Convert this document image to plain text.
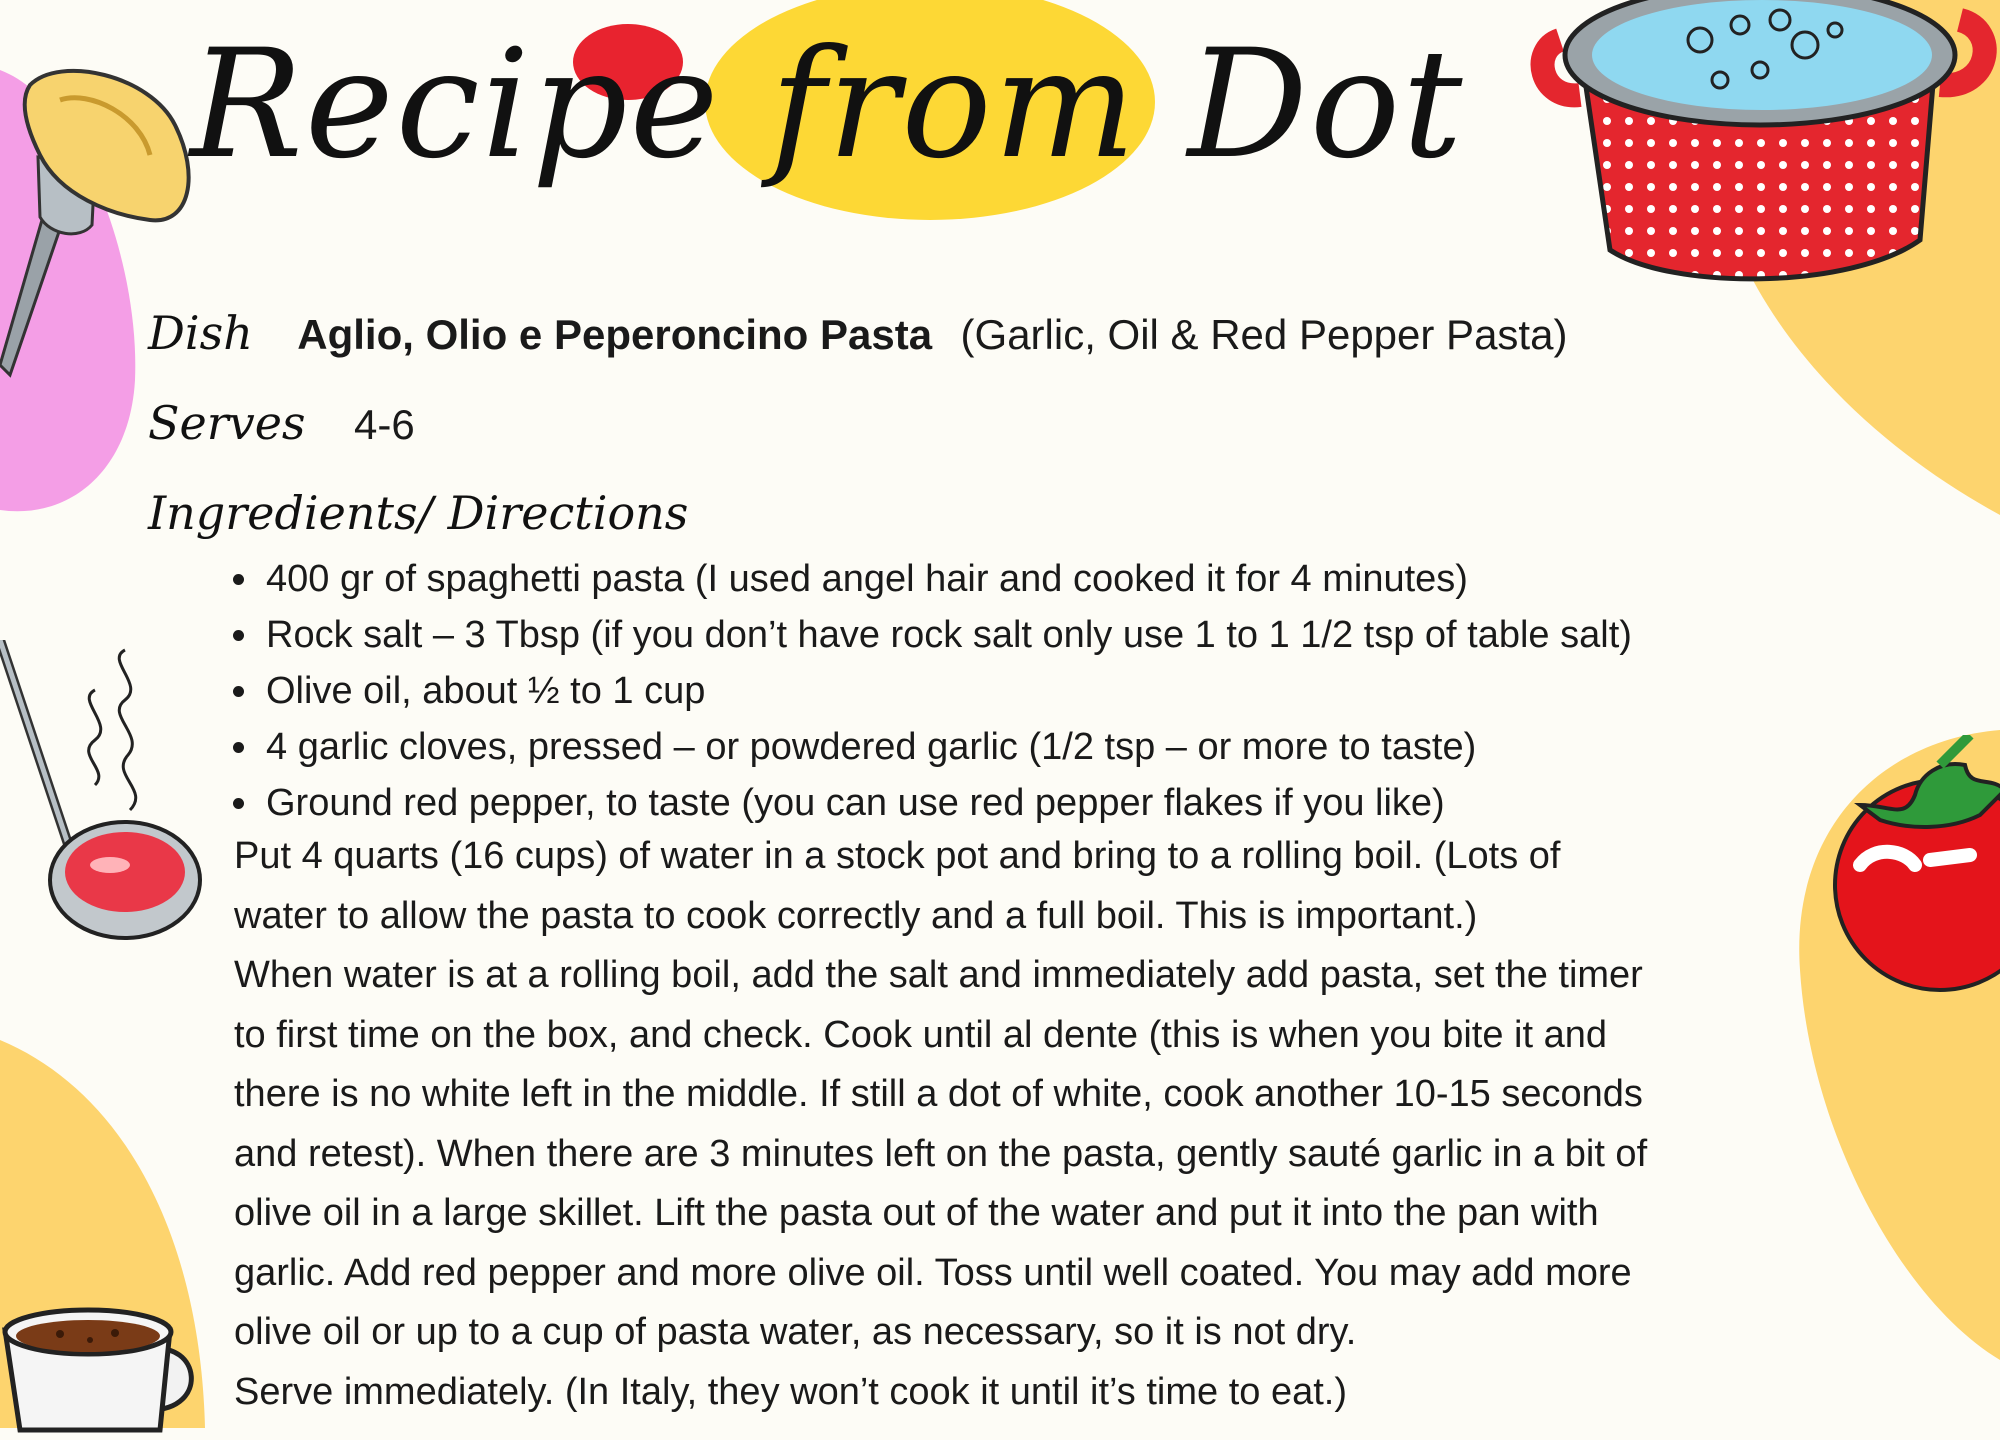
Recipe from Dot
Dish Aglio, Olio e Peperoncino Pasta (Garlic, Oil & Red Pepper Pasta)
Serves 4-6
Ingredients/ Directions
• 400 gr of spaghetti pasta (I used angel hair and cooked it for 4 minutes)
• Rock salt – 3 Tbsp (if you don’t have rock salt only use 1 to 1 1/2 tsp of table salt)
• Olive oil, about ½ to 1 cup
• 4 garlic cloves, pressed – or powdered garlic (1/2 tsp – or more to taste)
• Ground red pepper, to taste (you can use red pepper flakes if you like)

Put 4 quarts (16 cups) of water in a stock pot and bring to a rolling boil. (Lots of

water to allow the pasta to cook correctly and a full boil. This is important.)

When water is at a rolling boil, add the salt and immediately add pasta, set the timer

to first time on the box, and check. Cook until al dente (this is when you bite it and

there is no white left in the middle. If still a dot of white, cook another 10-15 seconds

and retest). When there are 3 minutes left on the pasta, gently sauté garlic in a bit of

olive oil in a large skillet. Lift the pasta out of the water and put it into the pan with

garlic. Add red pepper and more olive oil. Toss until well coated. You may add more

olive oil or up to a cup of pasta water, as necessary, so it is not dry.

Serve immediately. (In Italy, they won’t cook it until it’s time to eat.)
